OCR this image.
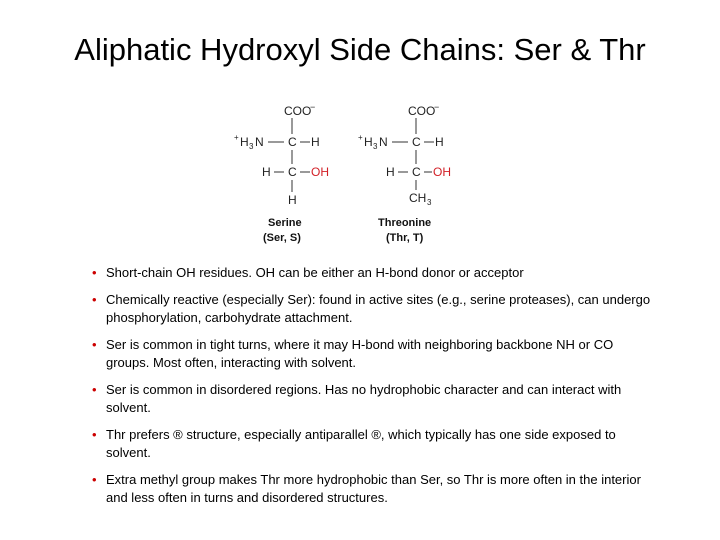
Aliphatic Hydroxyl Side Chains: Ser & Thr
COO
−
+ H 3 N C H
H C OH
H
Serine
(Ser, S)
COO
−
+ H 3 N C H
H C OH
CH 3
Threonine
(Thr, T)
• Short-chain OH residues. OH can be either an H-bond donor or acceptor
• Chemically reactive (especially Ser): found in active sites (e.g., serine proteases), can undergo phosphorylation, carbohydrate attachment.
• Ser is common in tight turns, where it may H-bond with neighboring backbone NH or CO groups. Most often, interacting with solvent.
• Ser is common in disordered regions. Has no hydrophobic character and can interact with solvent.
• Thr prefers ® structure, especially antiparallel ®, which typically has one side exposed to solvent.
• Extra methyl group makes Thr more hydrophobic than Ser, so Thr is more often in the interior and less often in turns and disordered structures.
